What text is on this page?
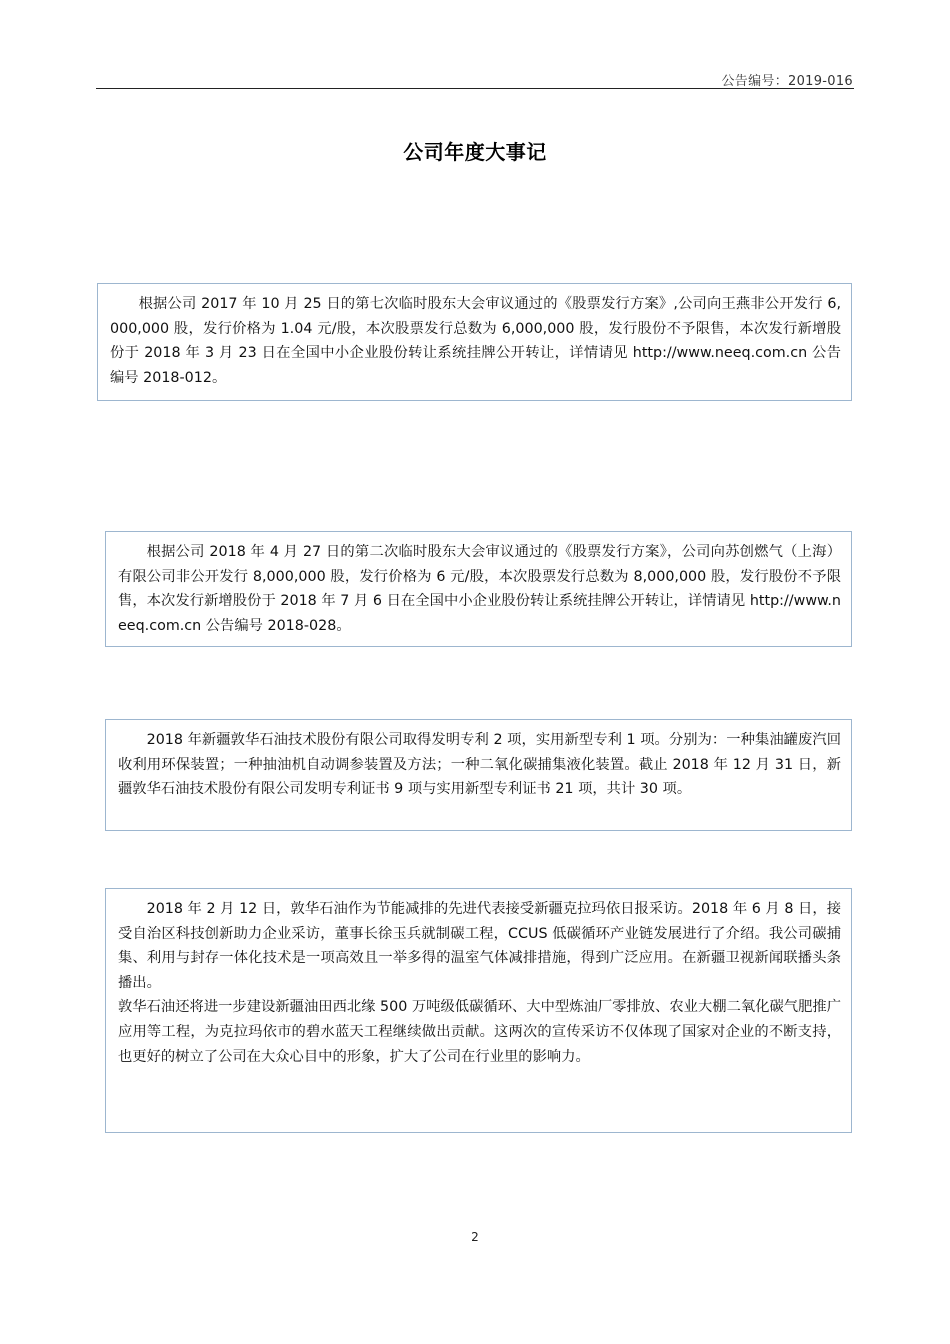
公告编号：2019-016
公司年度大事记

根据公司 2017 年 10 月 25 日的第七次临时股东大会审议通过的《股票发行方案》,公司向王燕非公开发行 6,000,000 股，发行价格为 1.04 元/股，本次股票发行总数为 6,000,000 股，发行股份不予限售，本次发行新增股份于 2018 年 3 月 23 日在全国中小企业股份转让系统挂牌公开转让，详情请见 http://www.neeq.com.cn 公告编号 2018-012。

根据公司 2018 年 4 月 27 日的第二次临时股东大会审议通过的《股票发行方案》，公司向苏创燃气（上海）有限公司非公开发行 8,000,000 股，发行价格为 6 元/股，本次股票发行总数为 8,000,000 股，发行股份不予限售，本次发行新增股份于 2018 年 7 月 6 日在全国中小企业股份转让系统挂牌公开转让，详情请见 http://www.neeq.com.cn 公告编号 2018-028。

2018 年新疆敦华石油技术股份有限公司取得发明专利 2 项，实用新型专利 1 项。分别为：一种集油罐废汽回收利用环保装置；一种抽油机自动调参装置及方法；一种二氧化碳捕集液化装置。截止 2018 年 12 月 31 日，新疆敦华石油技术股份有限公司发明专利证书 9 项与实用新型专利证书 21 项，共计 30 项。

2018 年 2 月 12 日，敦华石油作为节能减排的先进代表接受新疆克拉玛依日报采访。2018 年 6 月 8 日，接受自治区科技创新助力企业采访，董事长徐玉兵就制碳工程，CCUS 低碳循环产业链发展进行了介绍。我公司碳捕集、利用与封存一体化技术是一项高效且一举多得的温室气体减排措施，得到广泛应用。在新疆卫视新闻联播头条播出。

敦华石油还将进一步建设新疆油田西北缘 500 万吨级低碳循环、大中型炼油厂零排放、农业大棚二氧化碳气肥推广应用等工程，为克拉玛依市的碧水蓝天工程继续做出贡献。这两次的宣传采访不仅体现了国家对企业的不断支持，也更好的树立了公司在大众心目中的形象，扩大了公司在行业里的影响力。

2
